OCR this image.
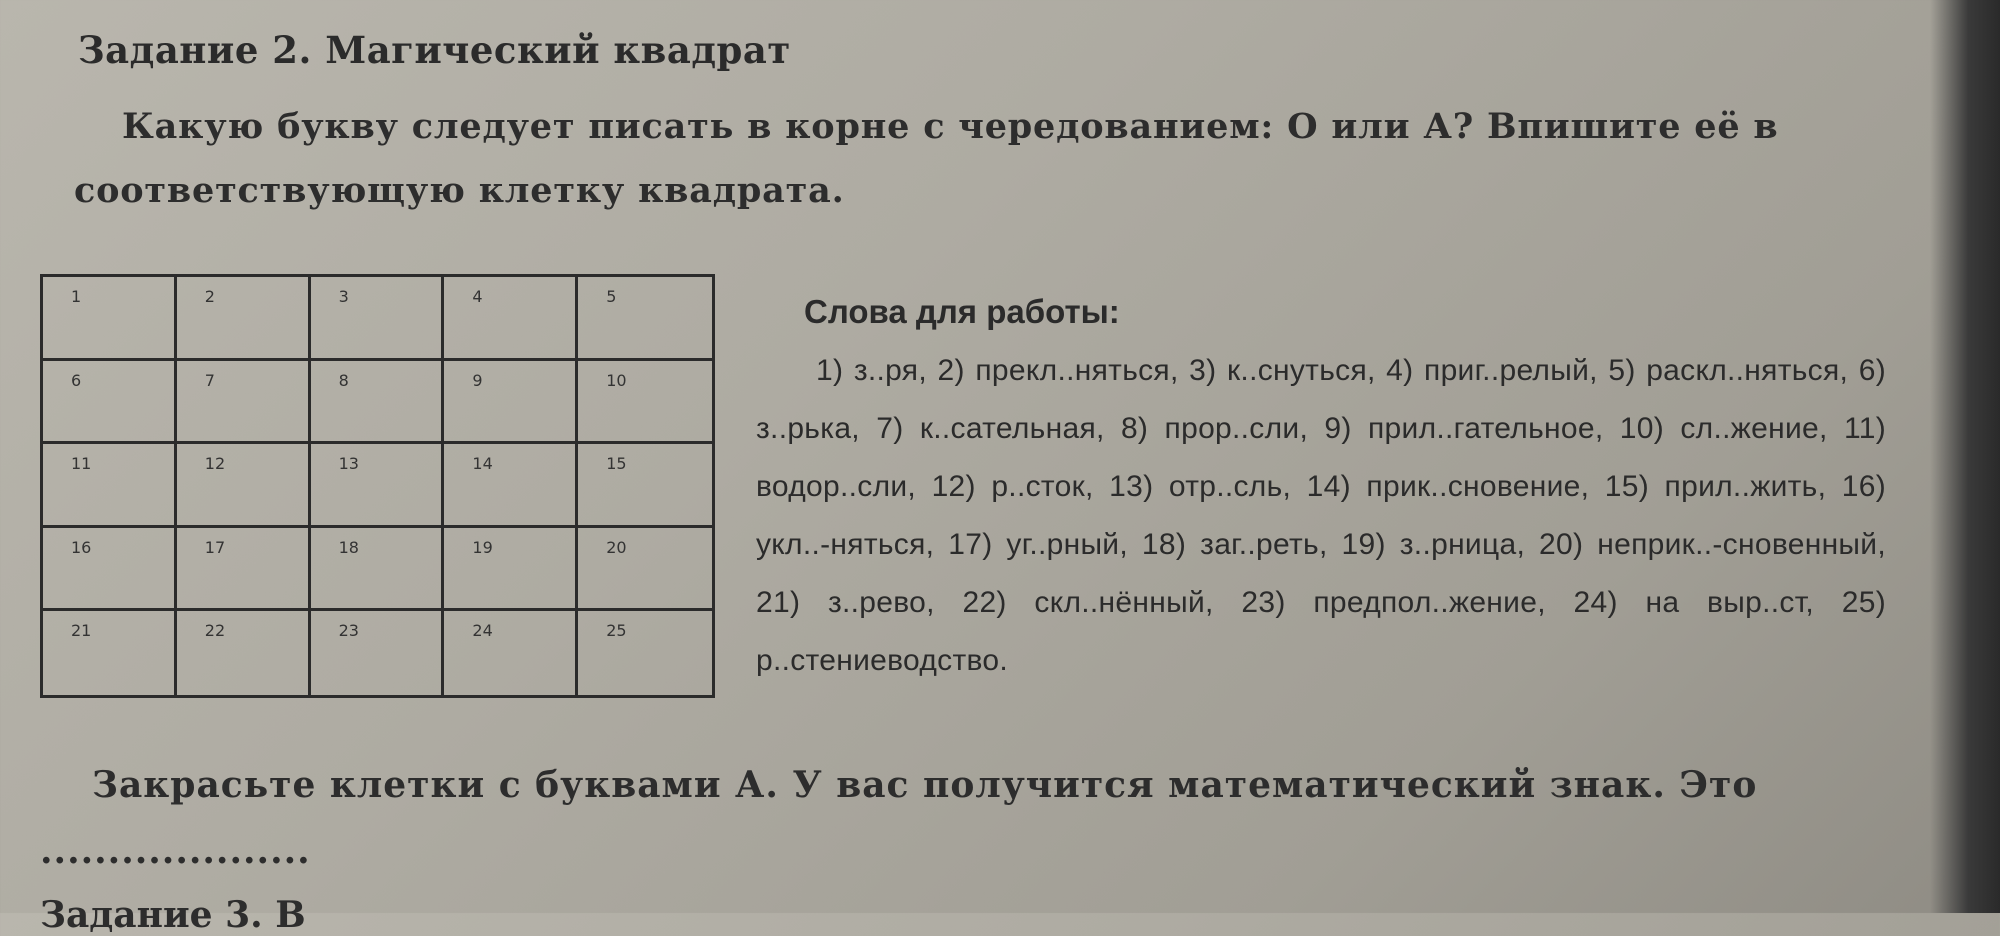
Задание 2. Магический квадрат
Какую букву следует писать в корне с чередованием: О или А? Впишите её в соответствующую клетку квадрата.
1	2	3	4	5
6	7	8	9	10
11	12	13	14	15
16	17	18	19	20
21	22	23	24	25
Слова для работы:

1) з..ря, 2) прекл..няться, 3) к..снуться, 4) приг..релый, 5) раскл..няться, 6) з..рька, 7) к..сательная, 8) прор..сли, 9) прил..гательное, 10) сл..жение, 11) водор..сли, 12) р..сток, 13) отр..сль, 14) прик..сновение, 15) прил..жить, 16) укл..-няться, 17) уг..рный, 18) заг..реть, 19) з..рница, 20) неприк..-сновенный, 21) з..рево, 22) скл..нённый, 23) предпол..жение, 24) на выр..ст, 25) р..стениеводство.

Закрасьте клетки с буквами А. У вас получится математический знак. Это ....................
Задание 3. В
